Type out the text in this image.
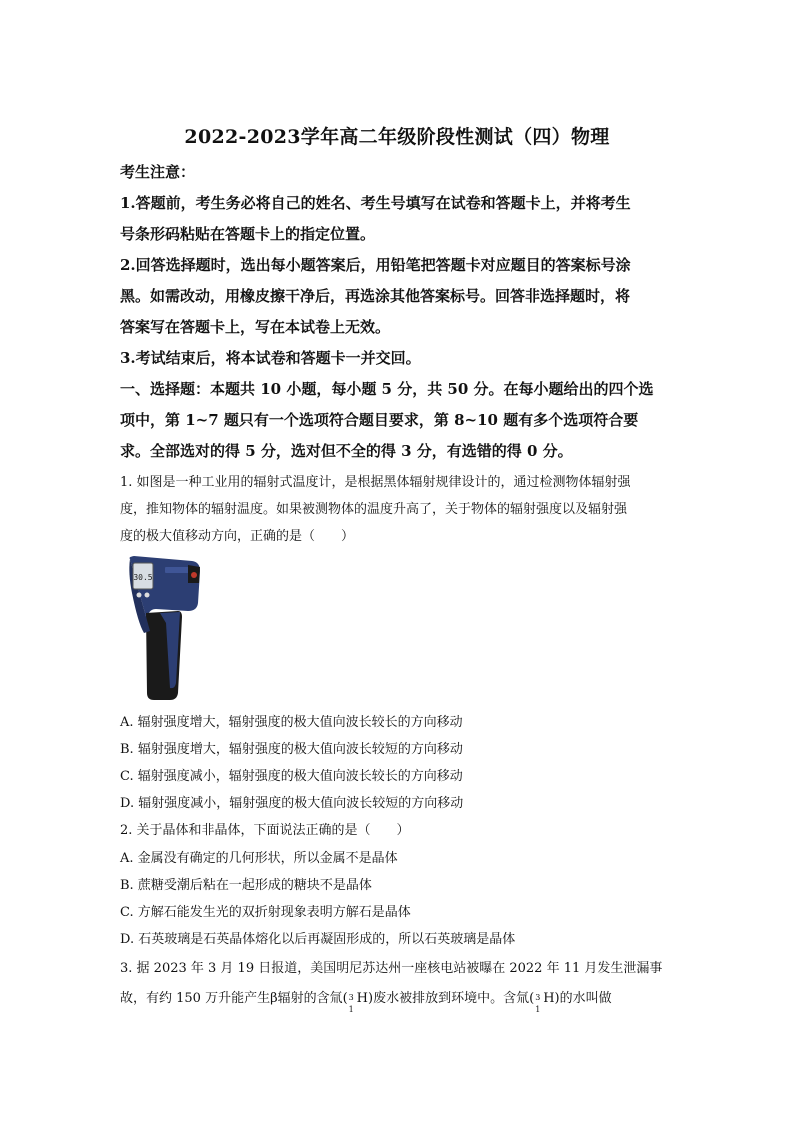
2022-2023学年高二年级阶段性测试（四）物理
考生注意：
1.答题前，考生务必将自己的姓名、考生号填写在试卷和答题卡上，并将考生
号条形码粘贴在答题卡上的指定位置。
2.回答选择题时，选出每小题答案后，用铅笔把答题卡对应题目的答案标号涂
黑。如需改动，用橡皮擦干净后，再选涂其他答案标号。回答非选择题时，将
答案写在答题卡上，写在本试卷上无效。
3.考试结束后，将本试卷和答题卡一并交回。
一、选择题：本题共 10 小题，每小题 5 分，共 50 分。在每小题给出的四个选
项中，第 1~7 题只有一个选项符合题目要求，第 8~10 题有多个选项符合要
求。全部选对的得 5 分，选对但不全的得 3 分，有选错的得 0 分。
1. 如图是一种工业用的辐射式温度计，是根据黑体辐射规律设计的，通过检测物体辐射强
度，推知物体的辐射温度。如果被测物体的温度升高了，关于物体的辐射强度以及辐射强
度的极大值移动方向，正确的是（　　）
30.5
A. 辐射强度增大，辐射强度的极大值向波长较长的方向移动
B. 辐射强度增大，辐射强度的极大值向波长较短的方向移动
C. 辐射强度减小，辐射强度的极大值向波长较长的方向移动
D. 辐射强度减小，辐射强度的极大值向波长较短的方向移动
2. 关于晶体和非晶体，下面说法正确的是（　　）
A. 金属没有确定的几何形状，所以金属不是晶体
B. 蔗糖受潮后粘在一起形成的糖块不是晶体
C. 方解石能发生光的双折射现象表明方解石是晶体
D. 石英玻璃是石英晶体熔化以后再凝固形成的，所以石英玻璃是晶体
3. 据 2023 年 3 月 19 日报道，美国明尼苏达州一座核电站被曝在 2022 年 11 月发生泄漏事
故，有约 150 万升能产生β辐射的含氚( 3
1
H)废水被排放到环境中。含氚( 3
1
H)的水叫做
